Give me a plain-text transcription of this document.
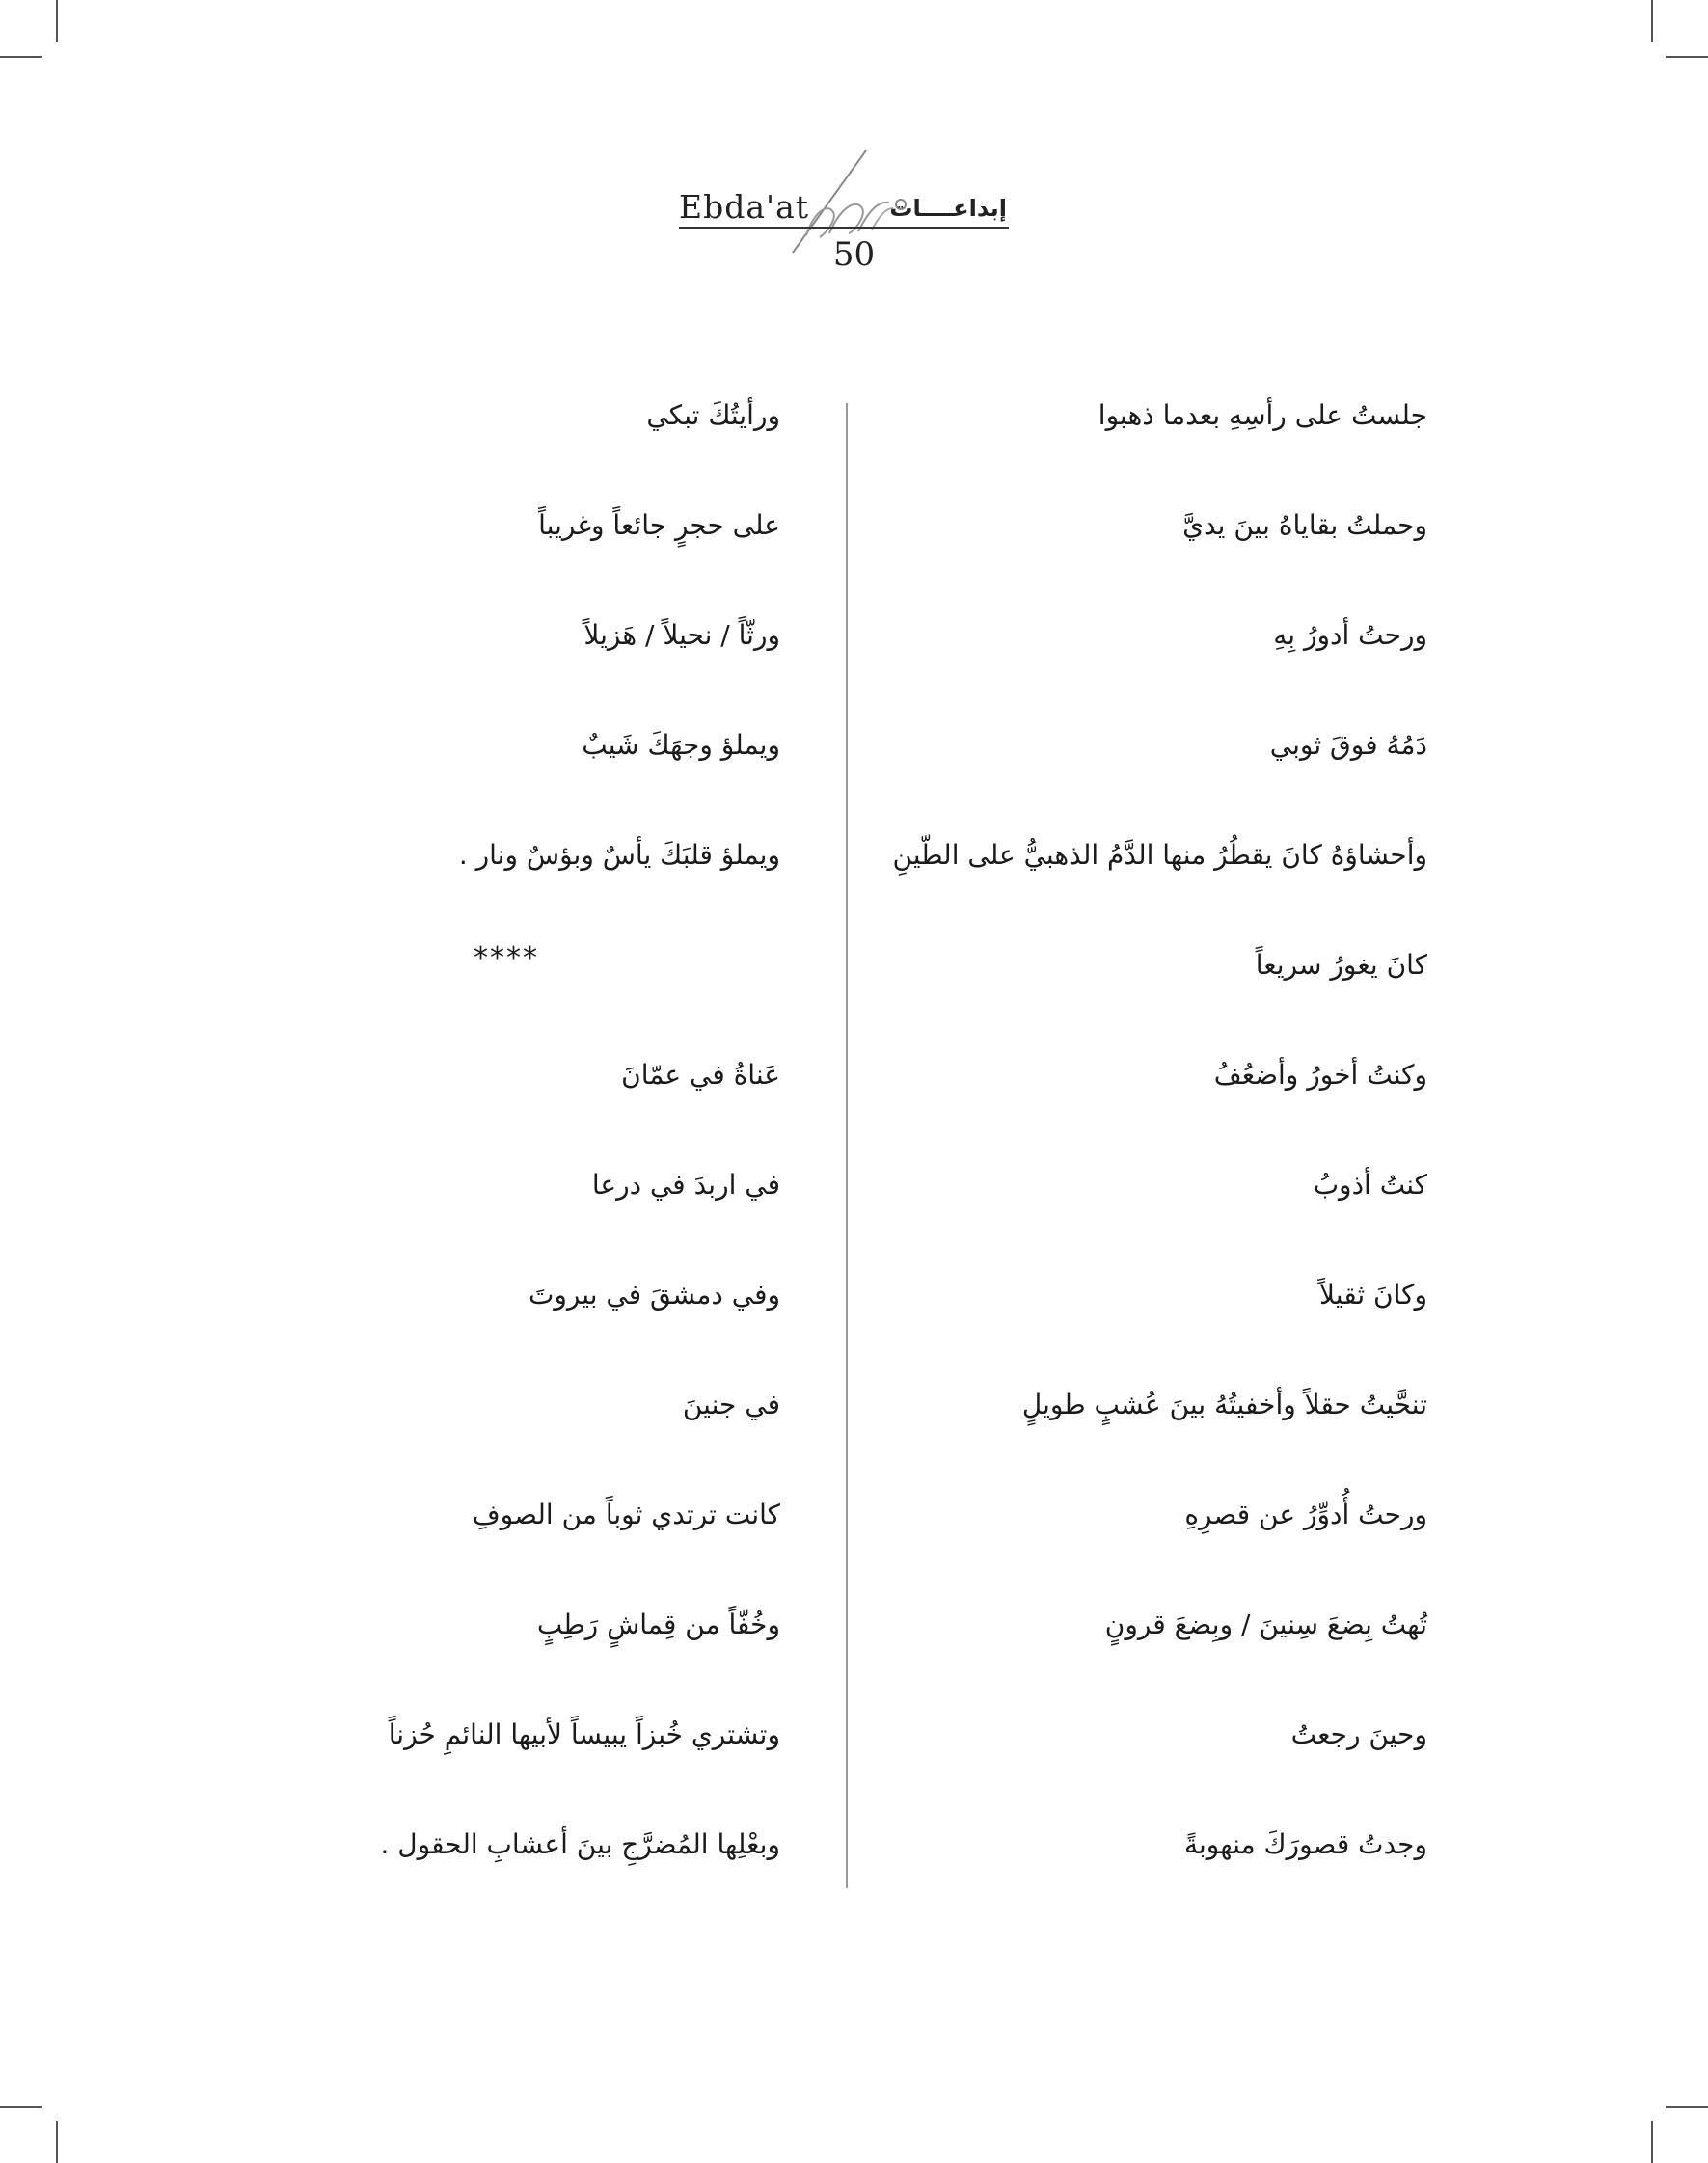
Ebda'at	إبداعــــات
50
جلستُ على رأسِهِ بعدما ذهبوا
وحملتُ بقاياهُ بينَ يديَّ
ورحتُ أدورُ بِهِ
دَمُهُ فوقَ ثوبي
وأحشاؤهُ كانَ يقطُرُ منها الدَّمُ الذهبيُّ على الطّينِ
كانَ يغورُ سريعاً
وكنتُ أخورُ وأضعُفُ
كنتُ أذوبُ
وكانَ ثقيلاً
تنحَّيتُ حقلاً وأخفيتُهُ بينَ عُشبٍ طويلٍ
ورحتُ أُدوِّرُ عن قصرِهِ
تُهتُ بِضعَ سِنينَ / وبِضعَ قرونٍ
وحينَ رجعتُ
وجدتُ قصورَكَ منهوبةً
ورأيتُكَ تبكي
على حجرٍ جائعاً وغريباً
ورثّاً / نحيلاً / هَزيلاً
ويملؤ وجهَكَ شَيبٌ
ويملؤ قلبَكَ يأسٌ وبؤسٌ ونار .
****
عَناةُ في عمّانَ
في اربدَ في درعا
وفي دمشقَ في بيروتَ
في جنينَ
كانت ترتدي ثوباً من الصوفِ
وخُفّاً من قِماشٍ رَطِبٍ
وتشتري خُبزاً يبيساً لأبيها النائمِ حُزناً
وبعْلِها المُضرَّجِ بينَ أعشابِ الحقول .
